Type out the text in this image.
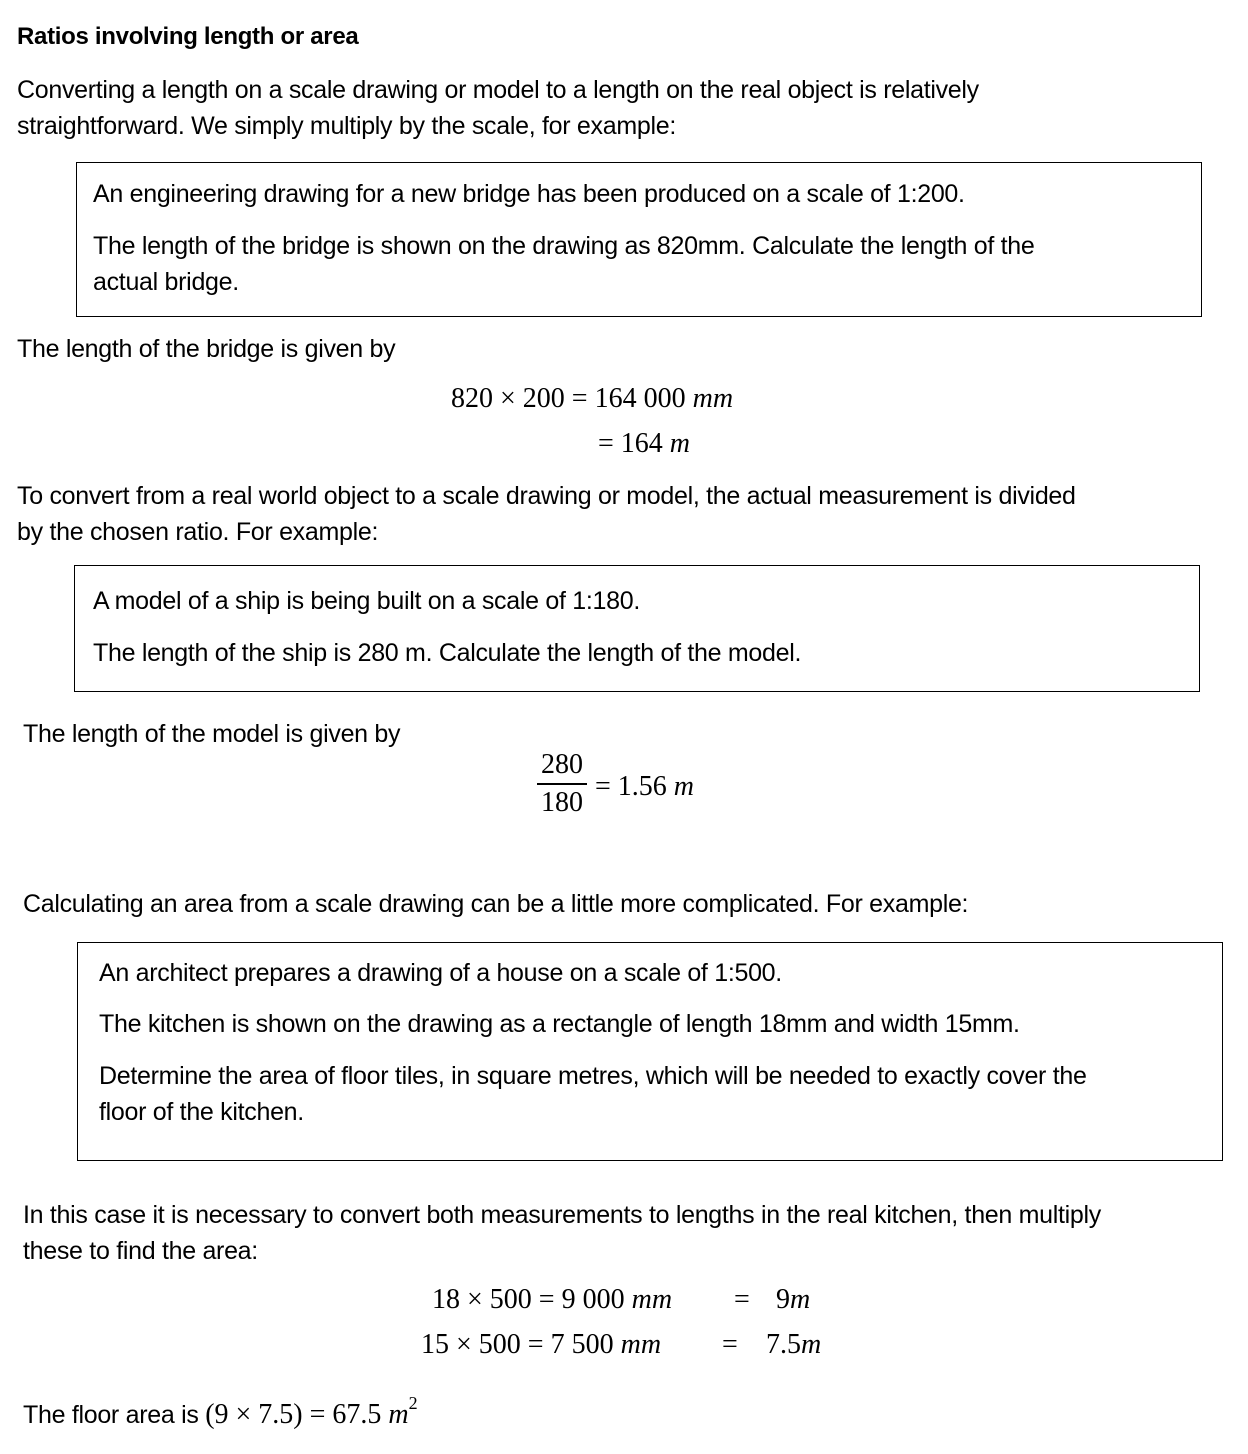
Ratios involving length or area
Converting a length on a scale drawing or model to a length on the real object is relatively
straightforward. We simply multiply by the scale, for example:
An engineering drawing for a new bridge has been produced on a scale of 1:200.
The length of the bridge is shown on the drawing as 820mm. Calculate the length of the
actual bridge.
The length of the bridge is given by
820 × 200 = 164 000 mm
= 164 m
To convert from a real world object to a scale drawing or model, the actual measurement is divided
by the chosen ratio. For example:
A model of a ship is being built on a scale of 1:180.
The length of the ship is 280 m. Calculate the length of the model.
The length of the model is given by
280
180
= 1.56 m
Calculating an area from a scale drawing can be a little more complicated. For example:
An architect prepares a drawing of a house on a scale of 1:500.
The kitchen is shown on the drawing as a rectangle of length 18mm and width 15mm.
Determine the area of floor tiles, in square metres, which will be needed to exactly cover the
floor of the kitchen.
In this case it is necessary to convert both measurements to lengths in the real kitchen, then multiply
these to find the area:
18 × 500 = 9 000 mm = 9m
15 × 500 = 7 500 mm = 7.5m
The floor area is (9 × 7.5) = 67.5 $m^2$
